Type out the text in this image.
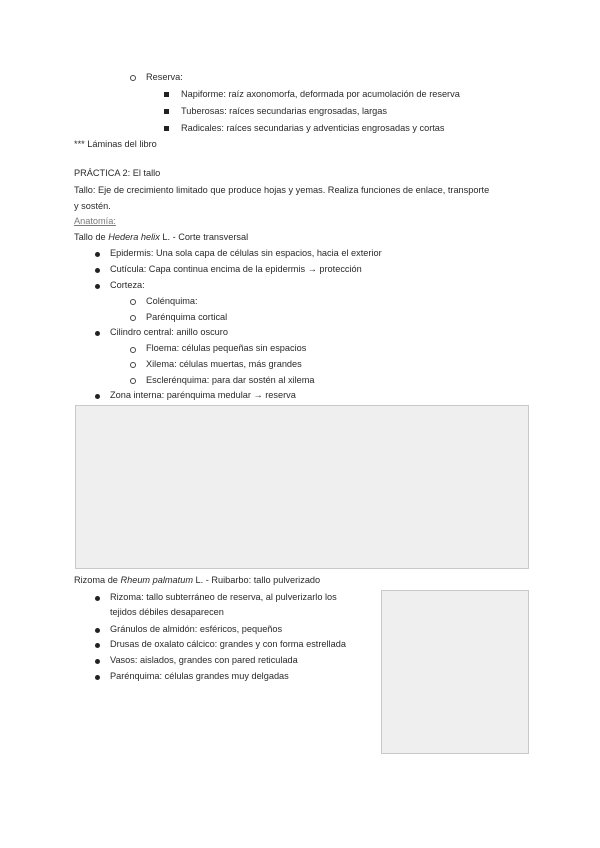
Reserva:
Napiforme: raíz axonomorfa, deformada por acumolación de reserva
Tuberosas: raíces secundarias engrosadas, largas
Radicales: raíces secundarias y adventicias engrosadas y cortas
*** Láminas del libro
PRÁCTICA 2: El tallo
Tallo: Eje de crecimiento limitado que produce hojas y yemas. Realiza funciones de enlace, transporte
y sostén.
Anatomía:
Tallo de Hedera helix L. - Corte transversal
Epidermis: Una sola capa de células sin espacios, hacia el exterior
Cutícula: Capa continua encima de la epidermis → protección
Corteza:
Colénquima:
Parénquima cortical
Cilindro central: anillo oscuro
Floema: células pequeñas sin espacios
Xilema: células muertas, más grandes
Esclerénquima: para dar sostén al xilema
Zona interna: parénquima medular → reserva
Rizoma de Rheum palmatum L. - Ruibarbo: tallo pulverizado
Rizoma: tallo subterráneo de reserva, al pulverizarlo los
tejidos débiles desaparecen
Gránulos de almidón: esféricos, pequeños
Drusas de oxalato cálcico: grandes y con forma estrellada
Vasos: aislados, grandes con pared reticulada
Parénquima: células grandes muy delgadas
